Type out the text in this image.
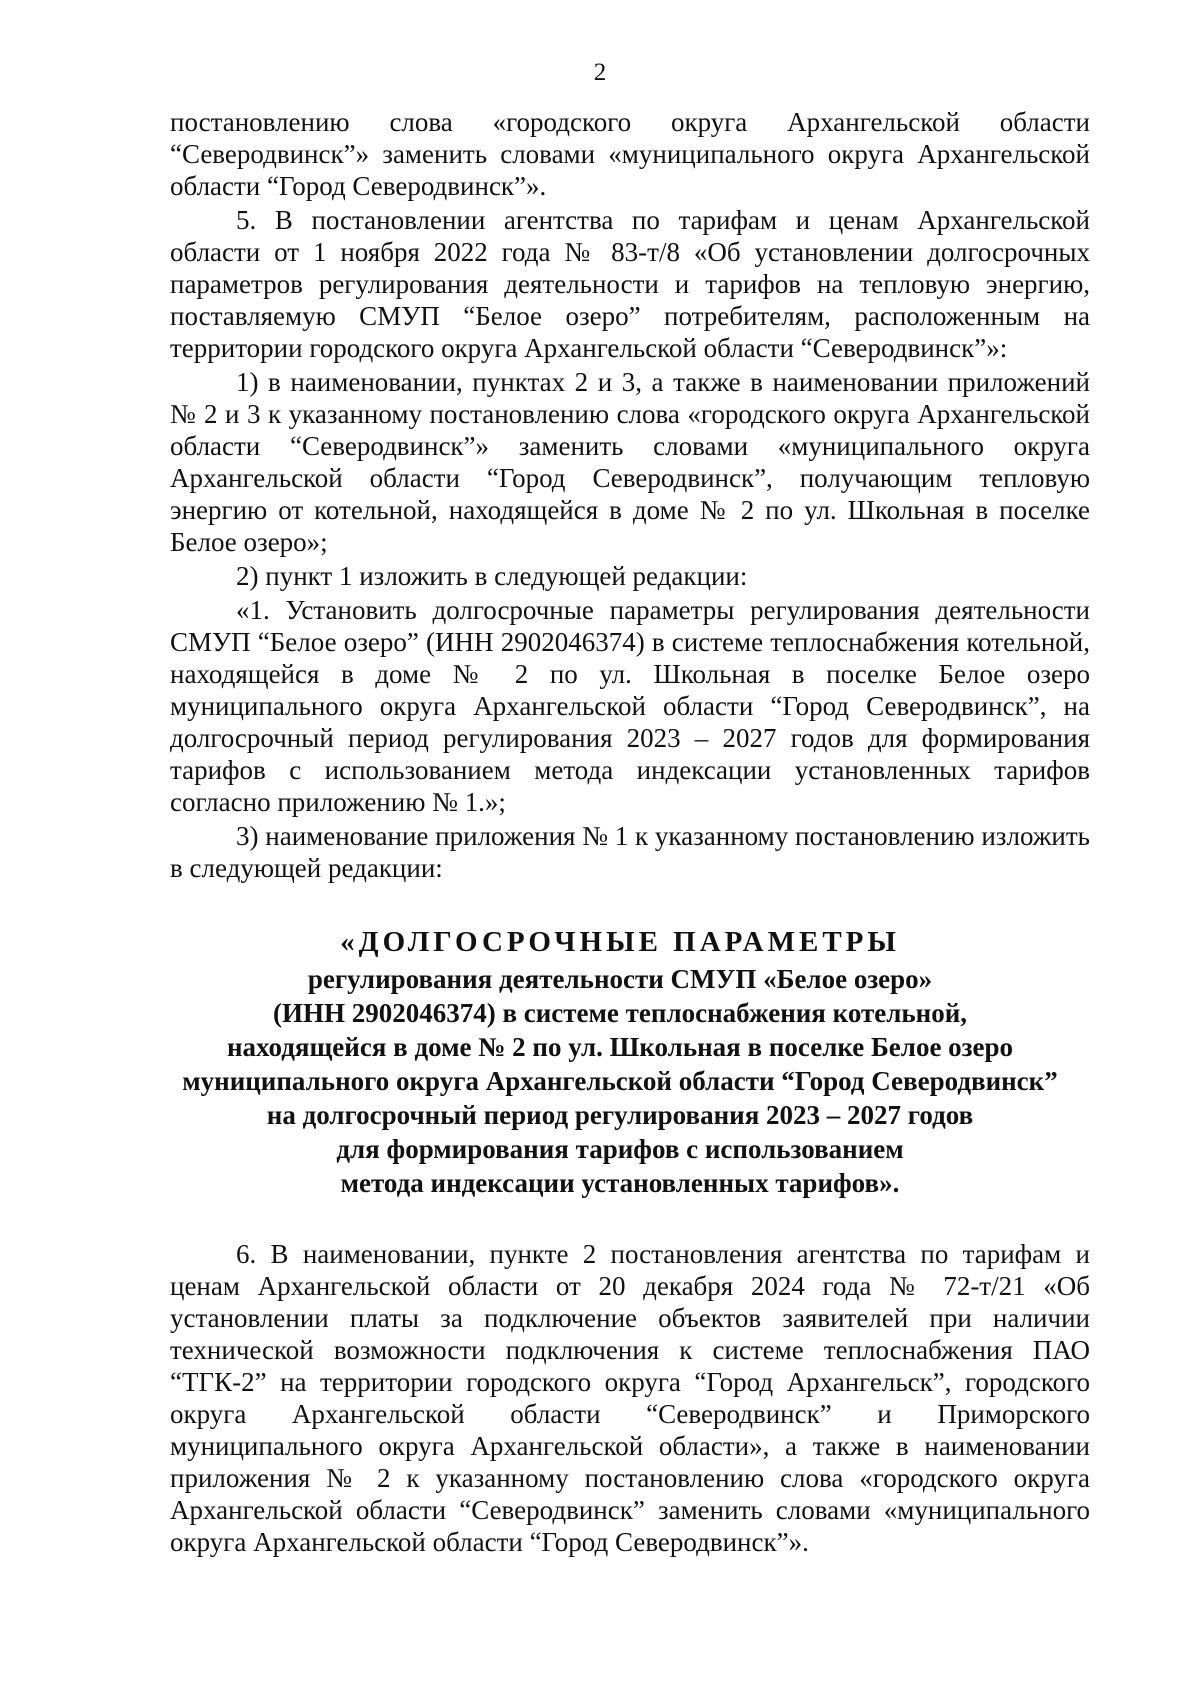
2

постановлению слова «городского округа Архангельской области “Северодвинск”» заменить словами «муниципального округа Архангельской области “Город Северодвинск”».

5. В постановлении агентства по тарифам и ценам Архангельской области от 1 ноября 2022 года № 83-т/8 «Об установлении долгосрочных параметров регулирования деятельности и тарифов на тепловую энергию, поставляемую СМУП “Белое озеро” потребителям, расположенным на территории городского округа Архангельской области “Северодвинск”»:

1) в наименовании, пунктах 2 и 3, а также в наименовании приложений № 2 и 3 к указанному постановлению слова «городского округа Архангельской области “Северодвинск”» заменить словами «муниципального округа Архангельской области “Город Северодвинск”, получающим тепловую энергию от котельной, находящейся в доме № 2 по ул. Школьная в поселке Белое озеро»;

2) пункт 1 изложить в следующей редакции:

«1. Установить долгосрочные параметры регулирования деятельности СМУП “Белое озеро” (ИНН 2902046374) в системе теплоснабжения котельной, находящейся в доме № 2 по ул. Школьная в поселке Белое озеро муниципального округа Архангельской области “Город Северодвинск”, на долгосрочный период регулирования 2023 – 2027 годов для формирования тарифов с использованием метода индексации установленных тарифов согласно приложению № 1.»;

3) наименование приложения № 1 к указанному постановлению изложить в следующей редакции:

«ДОЛГОСРОЧНЫЕ ПАРАМЕТРЫ
регулирования деятельности СМУП «Белое озеро»
(ИНН 2902046374) в системе теплоснабжения котельной,
находящейся в доме № 2 по ул. Школьная в поселке Белое озеро
муниципального округа Архангельской области “Город Северодвинск”
на долгосрочный период регулирования 2023 – 2027 годов
для формирования тарифов с использованием
метода индексации установленных тарифов».

6. В наименовании, пункте 2 постановления агентства по тарифам и ценам Архангельской области от 20 декабря 2024 года № 72-т/21 «Об установлении платы за подключение объектов заявителей при наличии технической возможности подключения к системе теплоснабжения ПАО “ТГК-2” на территории городского округа “Город Архангельск”, городского округа Архангельской области “Северодвинск” и Приморского муниципального округа Архангельской области», а также в наименовании приложения № 2 к указанному постановлению слова «городского округа Архангельской области “Северодвинск” заменить словами «муниципального округа Архангельской области “Город Северодвинск”».
